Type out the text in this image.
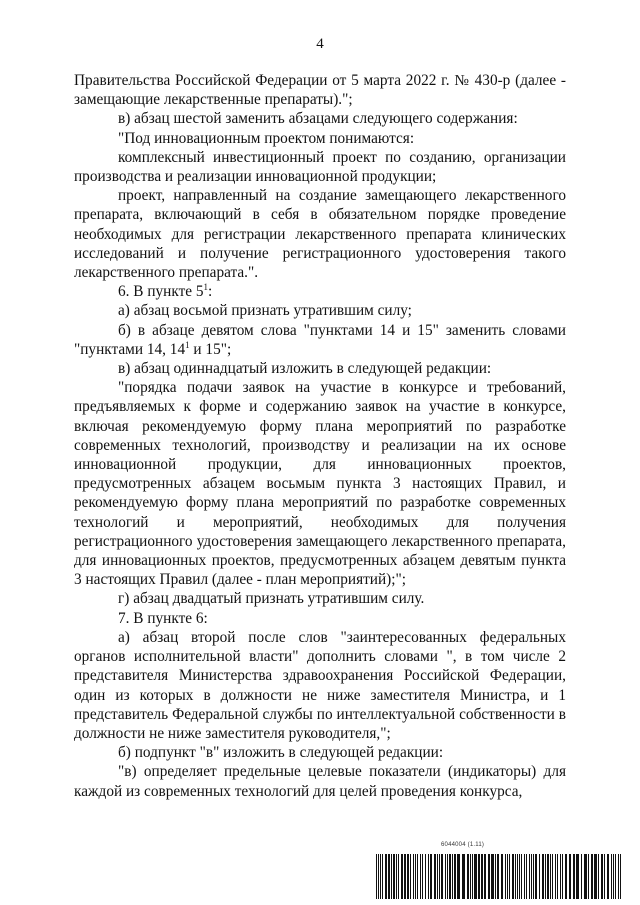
4

Правительства Российской Федерации от 5 марта 2022 г. № 430-р (далее - замещающие лекарственные препараты).";

в) абзац шестой заменить абзацами следующего содержания:

"Под инновационным проектом понимаются:

комплексный инвестиционный проект по созданию, организации производства и реализации инновационной продукции;

проект, направленный на создание замещающего лекарственного препарата, включающий в себя в обязательном порядке проведение необходимых для регистрации лекарственного препарата клинических исследований и получение регистрационного удостоверения такого лекарственного препарата.".

6. В пункте $5^1$:

а) абзац восьмой признать утратившим силу;

б) в абзаце девятом слова "пунктами 14 и 15" заменить словами "пунктами 14, $14^1$ и 15";

в) абзац одиннадцатый изложить в следующей редакции:

"порядка подачи заявок на участие в конкурсе и требований, предъявляемых к форме и содержанию заявок на участие в конкурсе, включая рекомендуемую форму плана мероприятий по разработке современных технологий, производству и реализации на их основе инновационной продукции, для инновационных проектов, предусмотренных абзацем восьмым пункта 3 настоящих Правил, и рекомендуемую форму плана мероприятий по разработке современных технологий и мероприятий, необходимых для получения регистрационного удостоверения замещающего лекарственного препарата, для инновационных проектов, предусмотренных абзацем девятым пункта 3 настоящих Правил (далее - план мероприятий);";

г) абзац двадцатый признать утратившим силу.

7. В пункте 6:

а) абзац второй после слов "заинтересованных федеральных органов исполнительной власти" дополнить словами ", в том числе 2 представителя Министерства здравоохранения Российской Федерации, один из которых в должности не ниже заместителя Министра, и 1 представитель Федеральной службы по интеллектуальной собственности в должности не ниже заместителя руководителя,";

б) подпункт "в" изложить в следующей редакции:

"в) определяет предельные целевые показатели (индикаторы) для каждой из современных технологий для целей проведения конкурса,

6044004 (1.11)
